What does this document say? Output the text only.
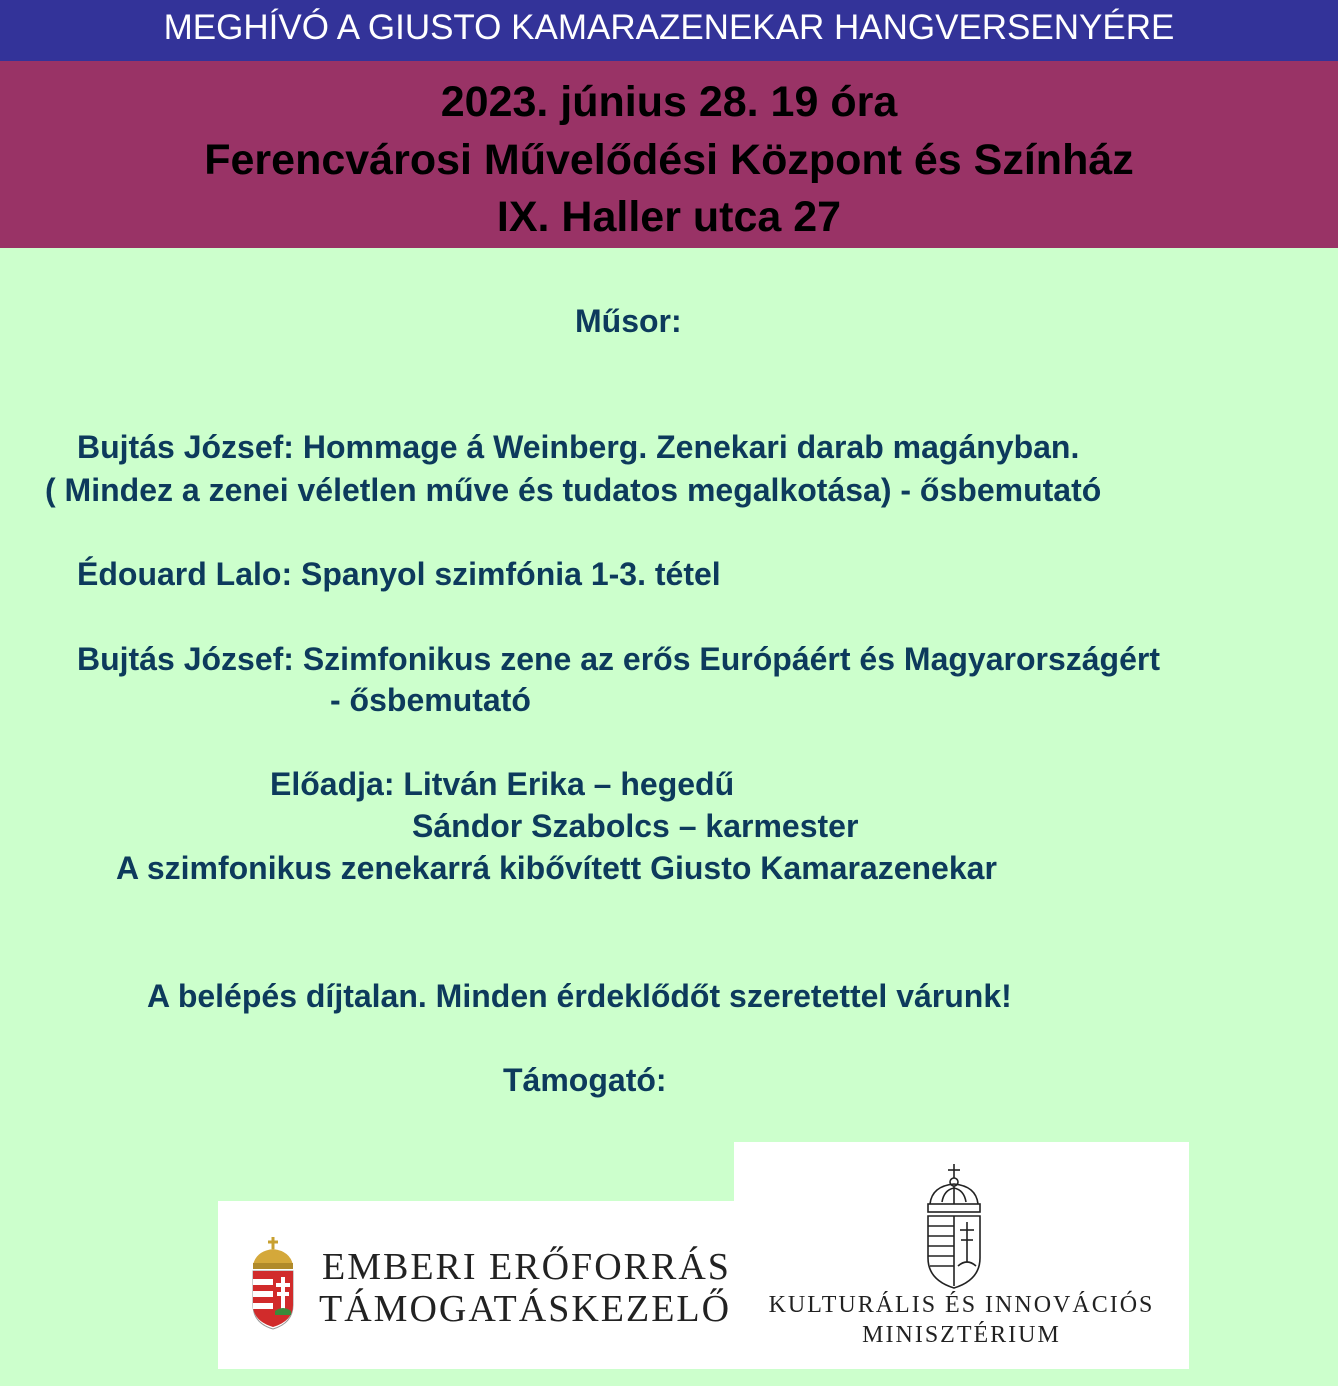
MEGHÍVÓ A GIUSTO KAMARAZENEKAR HANGVERSENYÉRE
2023. június 28. 19 óra
Ferencvárosi Művelődési Központ és Színház
IX. Haller utca 27
Műsor:
Bujtás József: Hommage á Weinberg. Zenekari darab magányban.
( Mindez a zenei véletlen műve és tudatos megalkotása) - ősbemutató
Édouard Lalo: Spanyol szimfónia 1-3. tétel
Bujtás József: Szimfonikus zene az erős Európáért és Magyarországért
- ősbemutató
Előadja: Litván Erika – hegedű
Sándor Szabolcs – karmester
A szimfonikus zenekarrá kibővített Giusto Kamarazenekar
A belépés díjtalan. Minden érdeklődőt szeretettel várunk!
Támogató:
EMBERI ERŐFORRÁS
TÁMOGATÁSKEZELŐ	KULTURÁLIS ÉS INNOVÁCIÓS
MINISZTÉRIUM
